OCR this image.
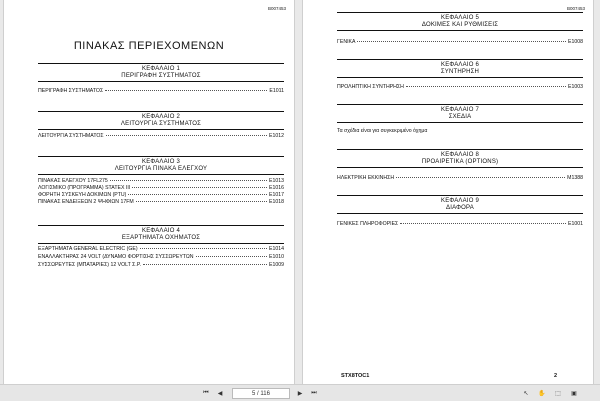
B007453
ΠΙΝΑΚΑΣ ΠΕΡΙΕΧΟΜΕΝΩΝ
ΚΕΦΑΛΑΙΟ 1
ΠΕΡΙΓΡΑΦΗ ΣΥΣΤΗΜΑΤΟΣ
ΠΕΡΙΓΡΑΦΗ ΣΥΣΤΗΜΑΤΟΣ	E1011
ΚΕΦΑΛΑΙΟ 2
ΛΕΙΤΟΥΡΓΙΑ ΣΥΣΤΗΜΑΤΟΣ
ΛΕΙΤΟΥΡΓΙΑ ΣΥΣΤΗΜΑΤΟΣ	E1012
ΚΕΦΑΛΑΙΟ 3
ΛΕΙΤΟΥΡΓΙΑ ΠΙΝΑΚΑ ΕΛΕΓΧΟΥ
ΠΙΝΑΚΑΣ ΕΛΕΓΧΟΥ 17FL275	E1013
ΛΟΓΙΣΜΙΚΟ (ΠΡΟΓΡΑΜΜΑ) STATEX III	E1016
ΦΟΡΗΤΗ ΣΥΣΚΕΥΗ ΔΟΚΙΜΩΝ (PTU)	E1017
ΠΙΝΑΚΑΣ ΕΝΔΕΙΞΕΩΝ 2 ΨΗΦΙΩΝ 17FM	E1018
ΚΕΦΑΛΑΙΟ 4
ΕΞΑΡΤΗΜΑΤΑ ΟΧΗΜΑΤΟΣ
ΕΞΑΡΤΗΜΑΤΑ GENERAL ELECTRIC (GE)	E1014
ΕΝΑΛΛΑΚΤΗΡΑΣ 24 VOLT (ΔΥΝΑΜΟ ΦΟΡΤΙΣΗΣ ΣΥΣΣΩΡΕΥΤΩΝ	E1010
ΣΥΣΣΩΡΕΥΤΕΣ (ΜΠΑΤΑΡΙΕΣ) 12 VOLT Σ.Ρ.	E1009
B007453
ΚΕΦΑΛΑΙΟ 5
ΔΟΚΙΜΕΣ ΚΑΙ ΡΥΘΜΙΣΕΙΣ
ΓΕΝΙΚΑ	E1008
ΚΕΦΑΛΑΙΟ 6
ΣΥΝΤΗΡΗΣΗ
ΠΡΟΛΗΠΤΙΚΗ ΣΥΝΤΗΡΗΣΗ	E1003
ΚΕΦΑΛΑΙΟ 7
ΣΧΕΔΙΑ
Τα σχέδια είναι για συγκεκριμένο όχημα
ΚΕΦΑΛΑΙΟ 8
ΠΡΟΑΙΡΕΤΙΚΑ (OPTIONS)
ΗΛΕΚΤΡΙΚΗ ΕΚΚΙΝΗΣΗ	M1388
ΚΕΦΑΛΑΙΟ 9
ΔΙΑΦΟΡΑ
ΓΕΝΙΚΕΣ ΠΛΗΡΟΦΟΡΙΕΣ	E1001
STX8TOC1	2
⏮ ◀	5 / 116	▶ ⏭	↖ ✋ ⬚ ▣
